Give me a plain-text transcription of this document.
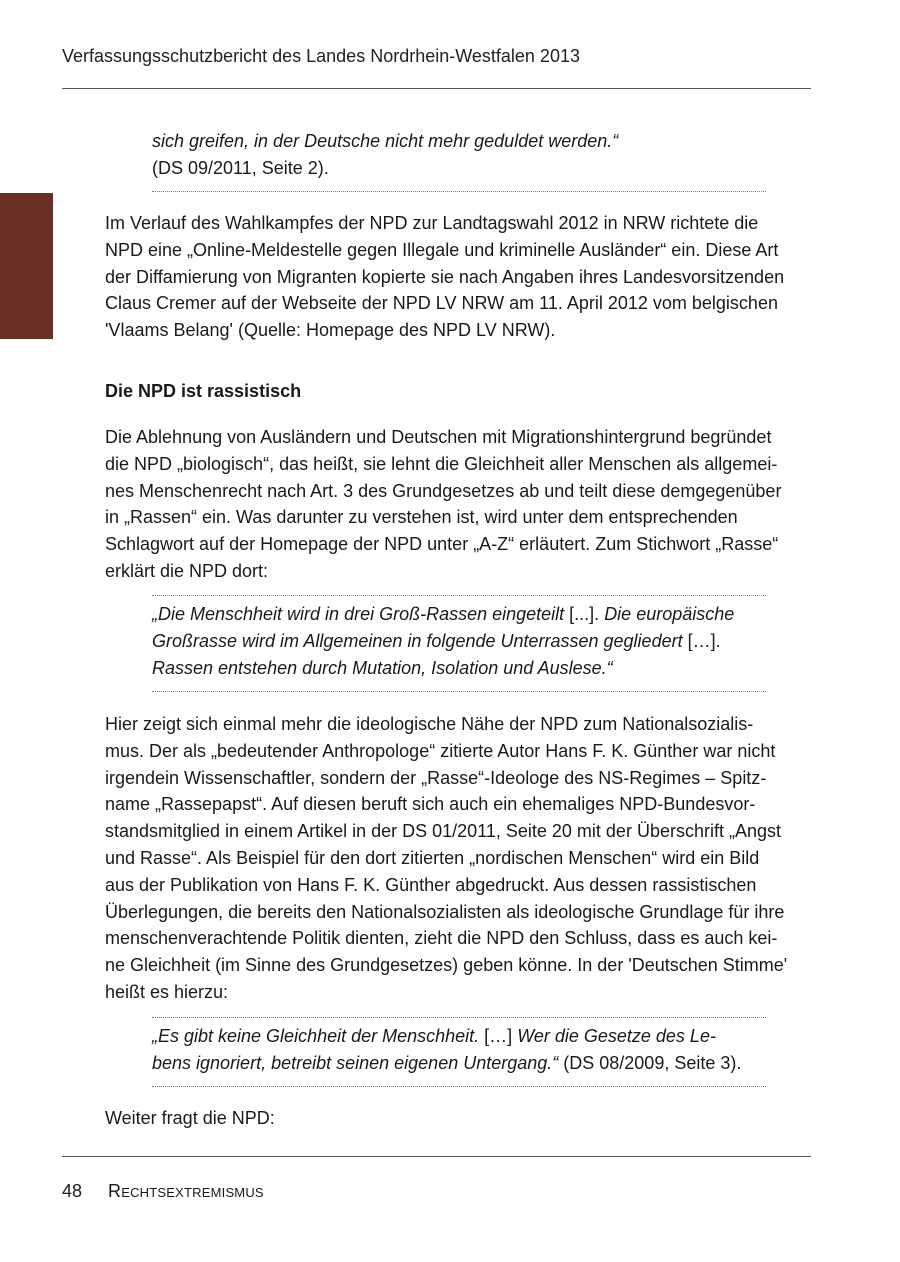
Verfassungsschutzbericht des Landes Nordrhein-Westfalen 2013
sich greifen, in der Deutsche nicht mehr geduldet werden.“
(DS 09/2011, Seite 2).
Im Verlauf des Wahlkampfes der NPD zur Landtagswahl 2012 in NRW richtete die
NPD eine „Online-Meldestelle gegen Illegale und kriminelle Ausländer“ ein. Diese Art
der Diffamierung von Migranten kopierte sie nach Angaben ihres Landesvorsitzenden
Claus Cremer auf der Webseite der NPD LV NRW am 11. April 2012 vom belgischen
'Vlaams Belang' (Quelle: Homepage des NPD LV NRW).
Die NPD ist rassistisch
Die Ablehnung von Ausländern und Deutschen mit Migrationshintergrund begründet
die NPD „biologisch“, das heißt, sie lehnt die Gleichheit aller Menschen als allgemei-
nes Menschenrecht nach Art. 3 des Grundgesetzes ab und teilt diese demgegenüber
in „Rassen“ ein. Was darunter zu verstehen ist, wird unter dem entsprechenden
Schlagwort auf der Homepage der NPD unter „A-Z“ erläutert. Zum Stichwort „Rasse“
erklärt die NPD dort:
„Die Menschheit wird in drei Groß-Rassen eingeteilt [...]. Die europäische
Großrasse wird im Allgemeinen in folgende Unterrassen gegliedert […].
Rassen entstehen durch Mutation, Isolation und Auslese.“
Hier zeigt sich einmal mehr die ideologische Nähe der NPD zum Nationalsozialis-
mus. Der als „bedeutender Anthropologe“ zitierte Autor Hans F. K. Günther war nicht
irgendein Wissenschaftler, sondern der „Rasse“-Ideologe des NS-Regimes – Spitz-
name „Rassepapst“. Auf diesen beruft sich auch ein ehemaliges NPD-Bundesvor-
standsmitglied in einem Artikel in der DS 01/2011, Seite 20 mit der Überschrift „Angst
und Rasse“. Als Beispiel für den dort zitierten „nordischen Menschen“ wird ein Bild
aus der Publikation von Hans F. K. Günther abgedruckt. Aus dessen rassistischen
Überlegungen, die bereits den Nationalsozialisten als ideologische Grundlage für ihre
menschenverachtende Politik dienten, zieht die NPD den Schluss, dass es auch kei-
ne Gleichheit (im Sinne des Grundgesetzes) geben könne. In der 'Deutschen Stimme'
heißt es hierzu:
„Es gibt keine Gleichheit der Menschheit. […] Wer die Gesetze des Le-
bens ignoriert, betreibt seinen eigenen Untergang.“ (DS 08/2009, Seite 3).
Weiter fragt die NPD:
48 Rechtsextremismus
